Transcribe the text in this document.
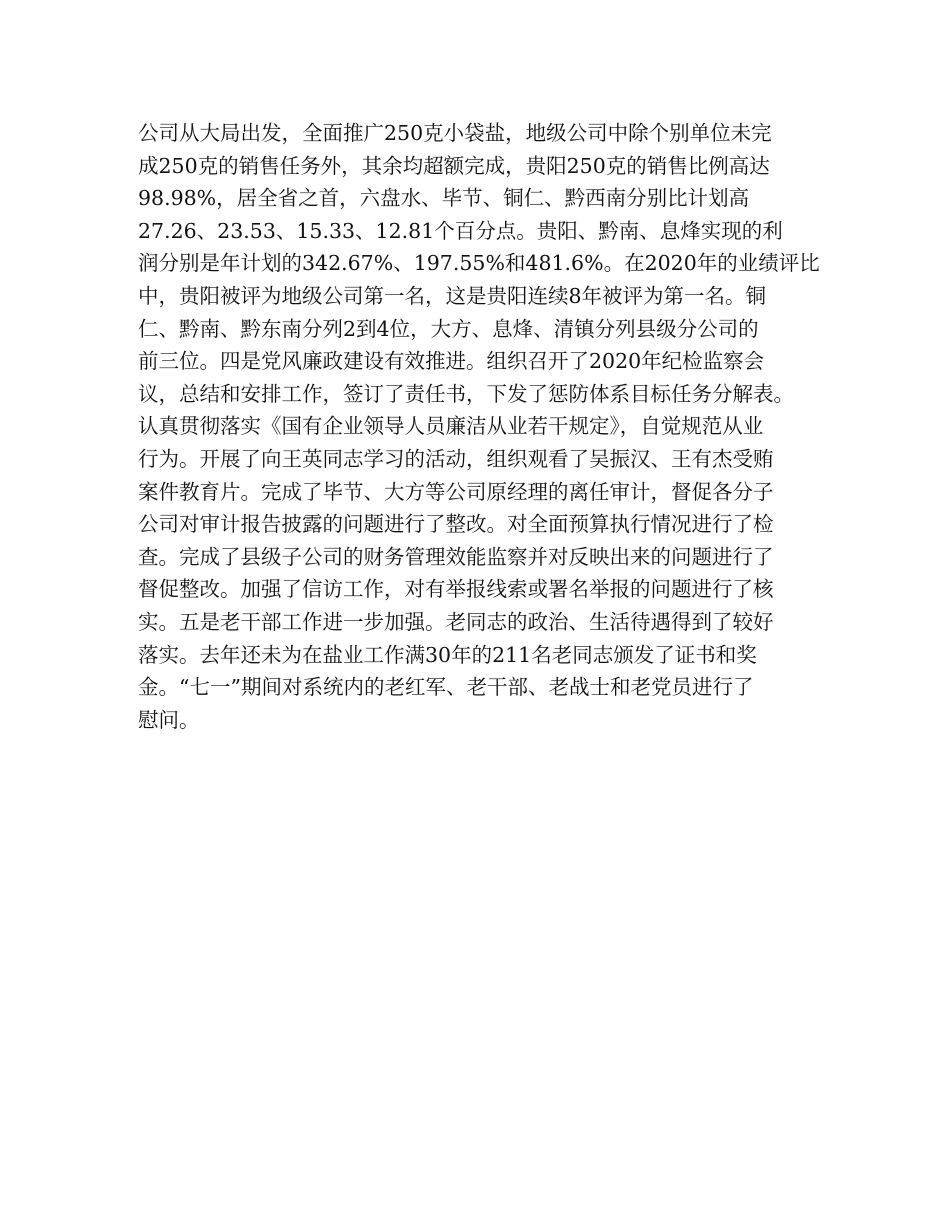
公司从大局出发，全面推广250克小袋盐，地级公司中除个别单位未完
成250克的销售任务外，其余均超额完成，贵阳250克的销售比例高达
98.98%，居全省之首，六盘水、毕节、铜仁、黔西南分别比计划高
27.26、23.53、15.33、12.81个百分点。贵阳、黔南、息烽实现的利
润分别是年计划的342.67%、197.55%和481.6%。在2020年的业绩评比
中，贵阳被评为地级公司第一名，这是贵阳连续8年被评为第一名。铜
仁、黔南、黔东南分列2到4位，大方、息烽、清镇分列县级分公司的
前三位。四是党风廉政建设有效推进。组织召开了2020年纪检监察会
议，总结和安排工作，签订了责任书，下发了惩防体系目标任务分解表。
认真贯彻落实《国有企业领导人员廉洁从业若干规定》，自觉规范从业
行为。开展了向王英同志学习的活动，组织观看了吴振汉、王有杰受贿
案件教育片。完成了毕节、大方等公司原经理的离任审计，督促各分子
公司对审计报告披露的问题进行了整改。对全面预算执行情况进行了检
查。完成了县级子公司的财务管理效能监察并对反映出来的问题进行了
督促整改。加强了信访工作，对有举报线索或署名举报的问题进行了核
实。五是老干部工作进一步加强。老同志的政治、生活待遇得到了较好
落实。去年还未为在盐业工作满30年的211名老同志颁发了证书和奖
金。“七一”期间对系统内的老红军、老干部、老战士和老党员进行了
慰问。
